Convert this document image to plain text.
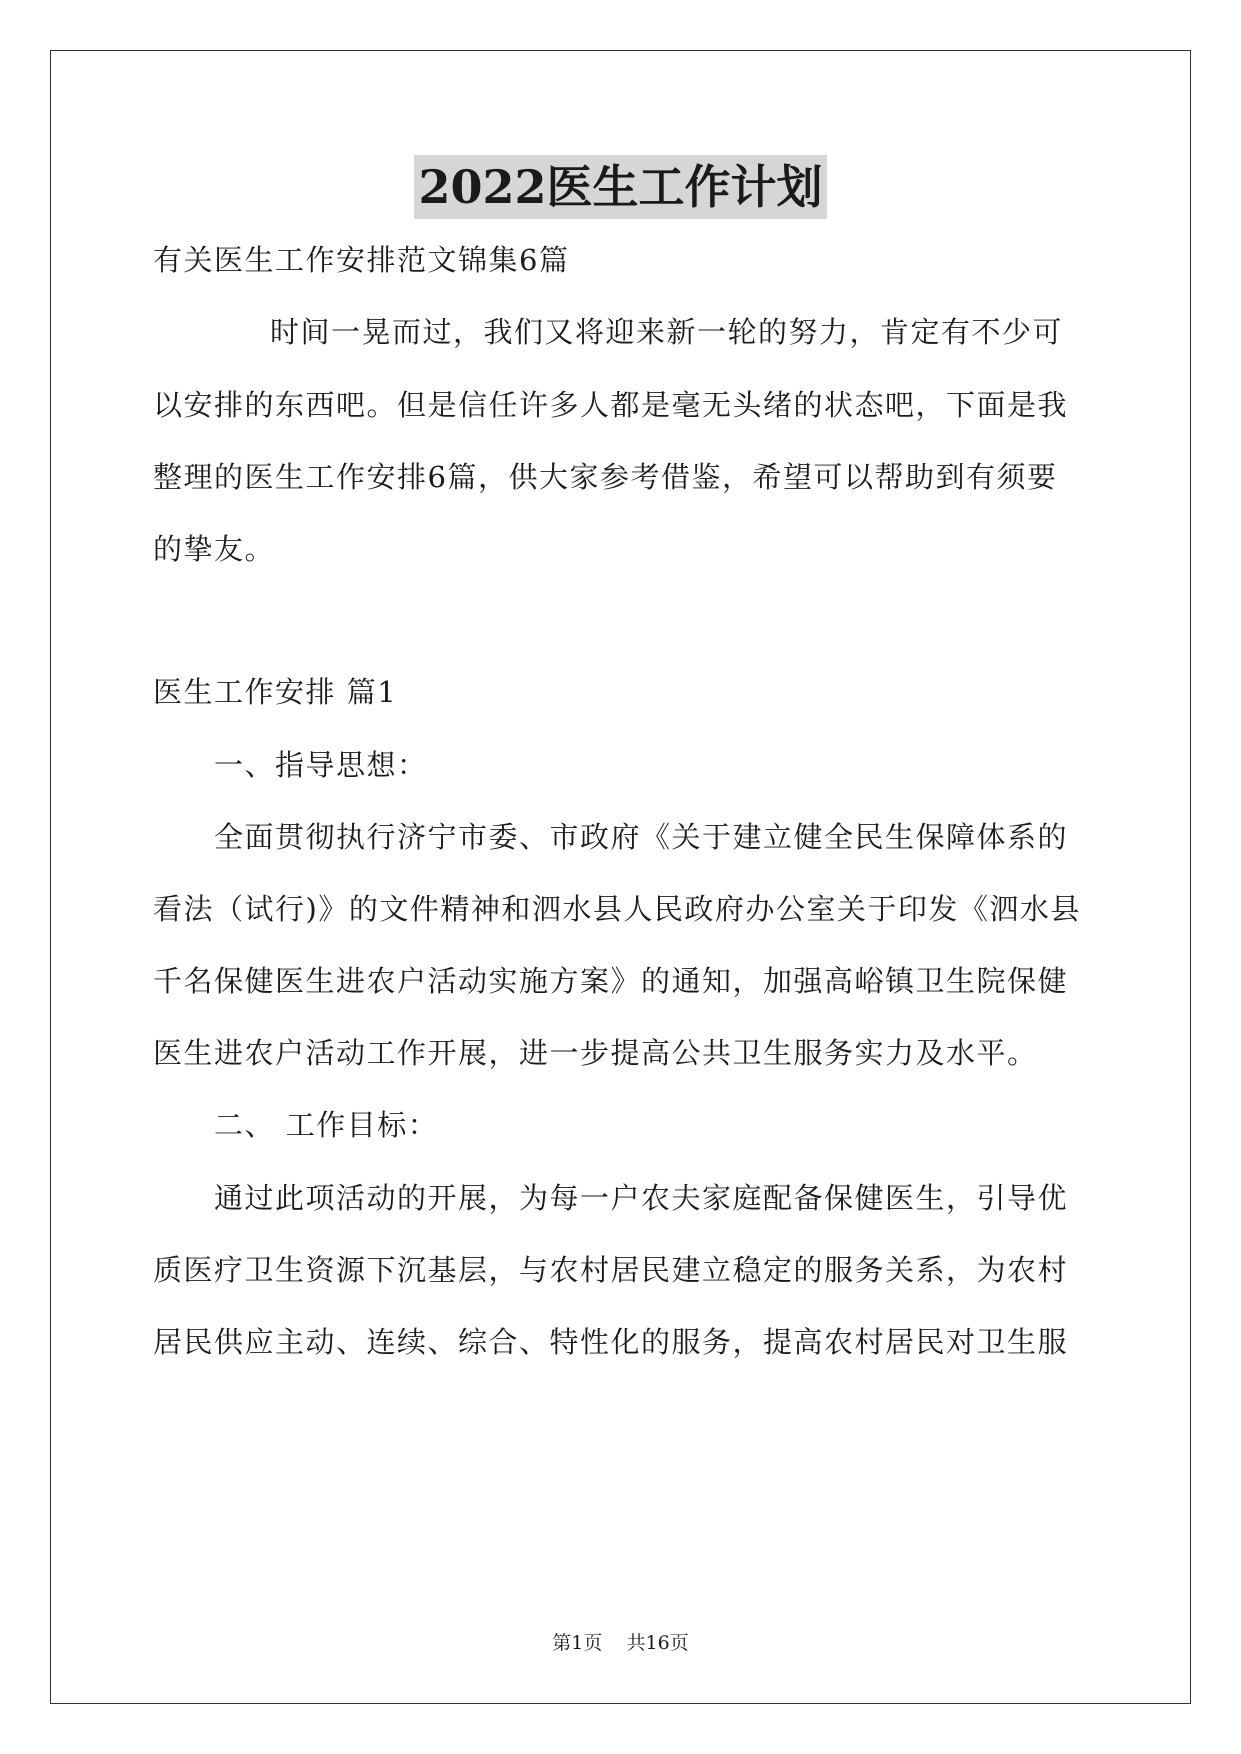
2022医生工作计划
有关医生工作安排范文锦集6篇
时间一晃而过，我们又将迎来新一轮的努力，肯定有不少可
以安排的东西吧。但是信任许多人都是毫无头绪的状态吧，下面是我
整理的医生工作安排6篇，供大家参考借鉴，希望可以帮助到有须要
的挚友。
医生工作安排 篇1
一、指导思想：
全面贯彻执行济宁市委、市政府《关于建立健全民生保障体系的
看法（试行)》的文件精神和泗水县人民政府办公室关于印发《泗水县
千名保健医生进农户活动实施方案》的通知，加强高峪镇卫生院保健
医生进农户活动工作开展，进一步提高公共卫生服务实力及水平。
二、 工作目标：
通过此项活动的开展，为每一户农夫家庭配备保健医生，引导优
质医疗卫生资源下沉基层，与农村居民建立稳定的服务关系，为农村
居民供应主动、连续、综合、特性化的服务，提高农村居民对卫生服
第1页    共16页
